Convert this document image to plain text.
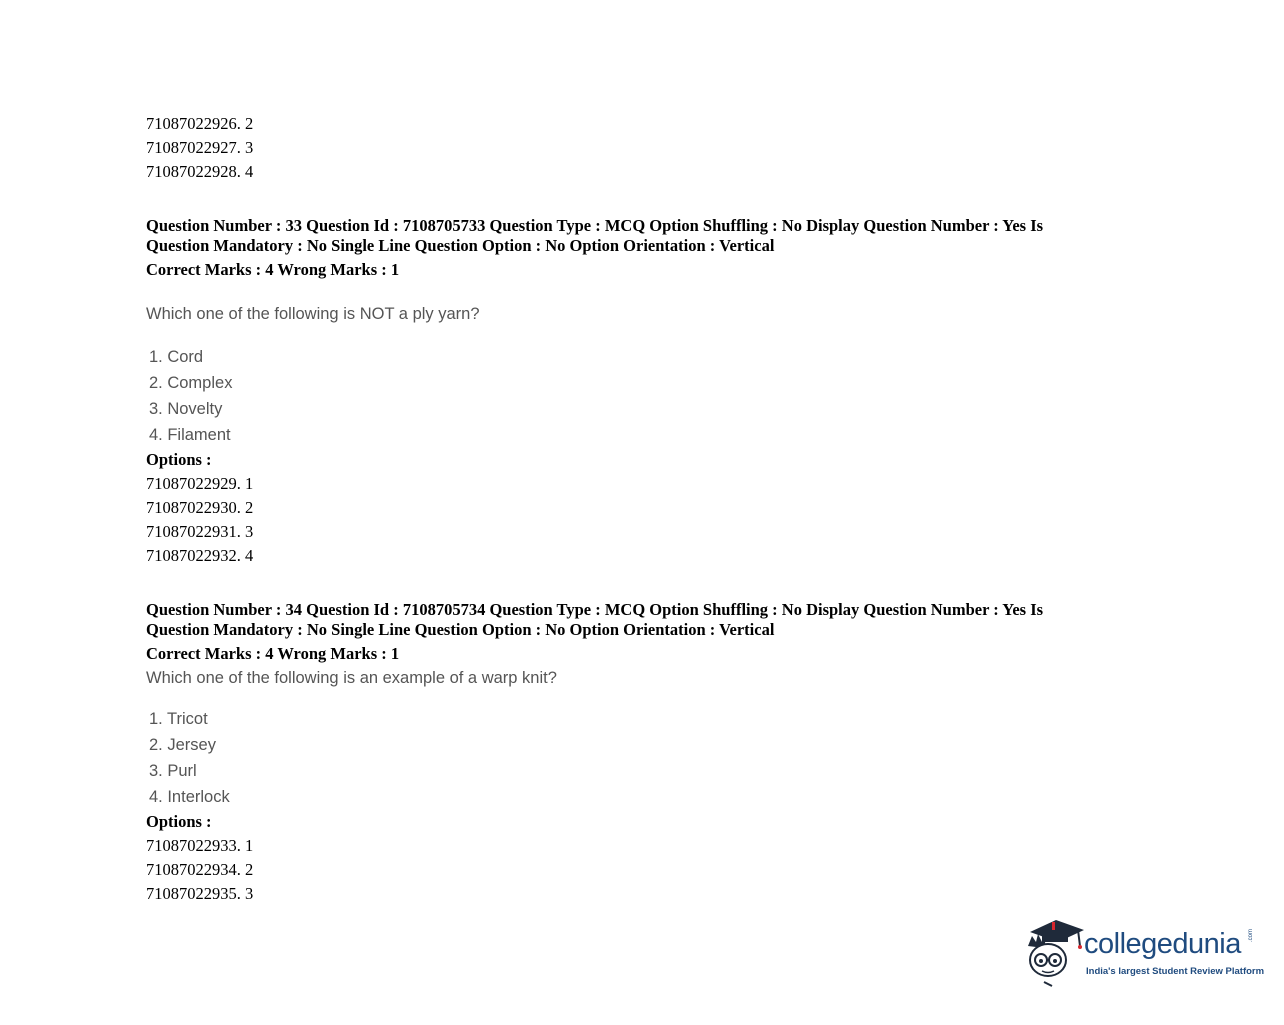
71087022926. 2
71087022927. 3
71087022928. 4
Question Number : 33 Question Id : 7108705733 Question Type : MCQ Option Shuffling : No Display Question Number : Yes Is
Question Mandatory : No Single Line Question Option : No Option Orientation : Vertical
Correct Marks : 4 Wrong Marks : 1
Which one of the following is NOT a ply yarn?
1. Cord
2. Complex
3. Novelty
4. Filament
Options :
71087022929. 1
71087022930. 2
71087022931. 3
71087022932. 4
Question Number : 34 Question Id : 7108705734 Question Type : MCQ Option Shuffling : No Display Question Number : Yes Is
Question Mandatory : No Single Line Question Option : No Option Orientation : Vertical
Correct Marks : 4 Wrong Marks : 1
Which one of the following is an example of a warp knit?
1. Tricot
2. Jersey
3. Purl
4. Interlock
Options :
71087022933. 1
71087022934. 2
71087022935. 3
collegedunia .com
India's largest Student Review Platform
